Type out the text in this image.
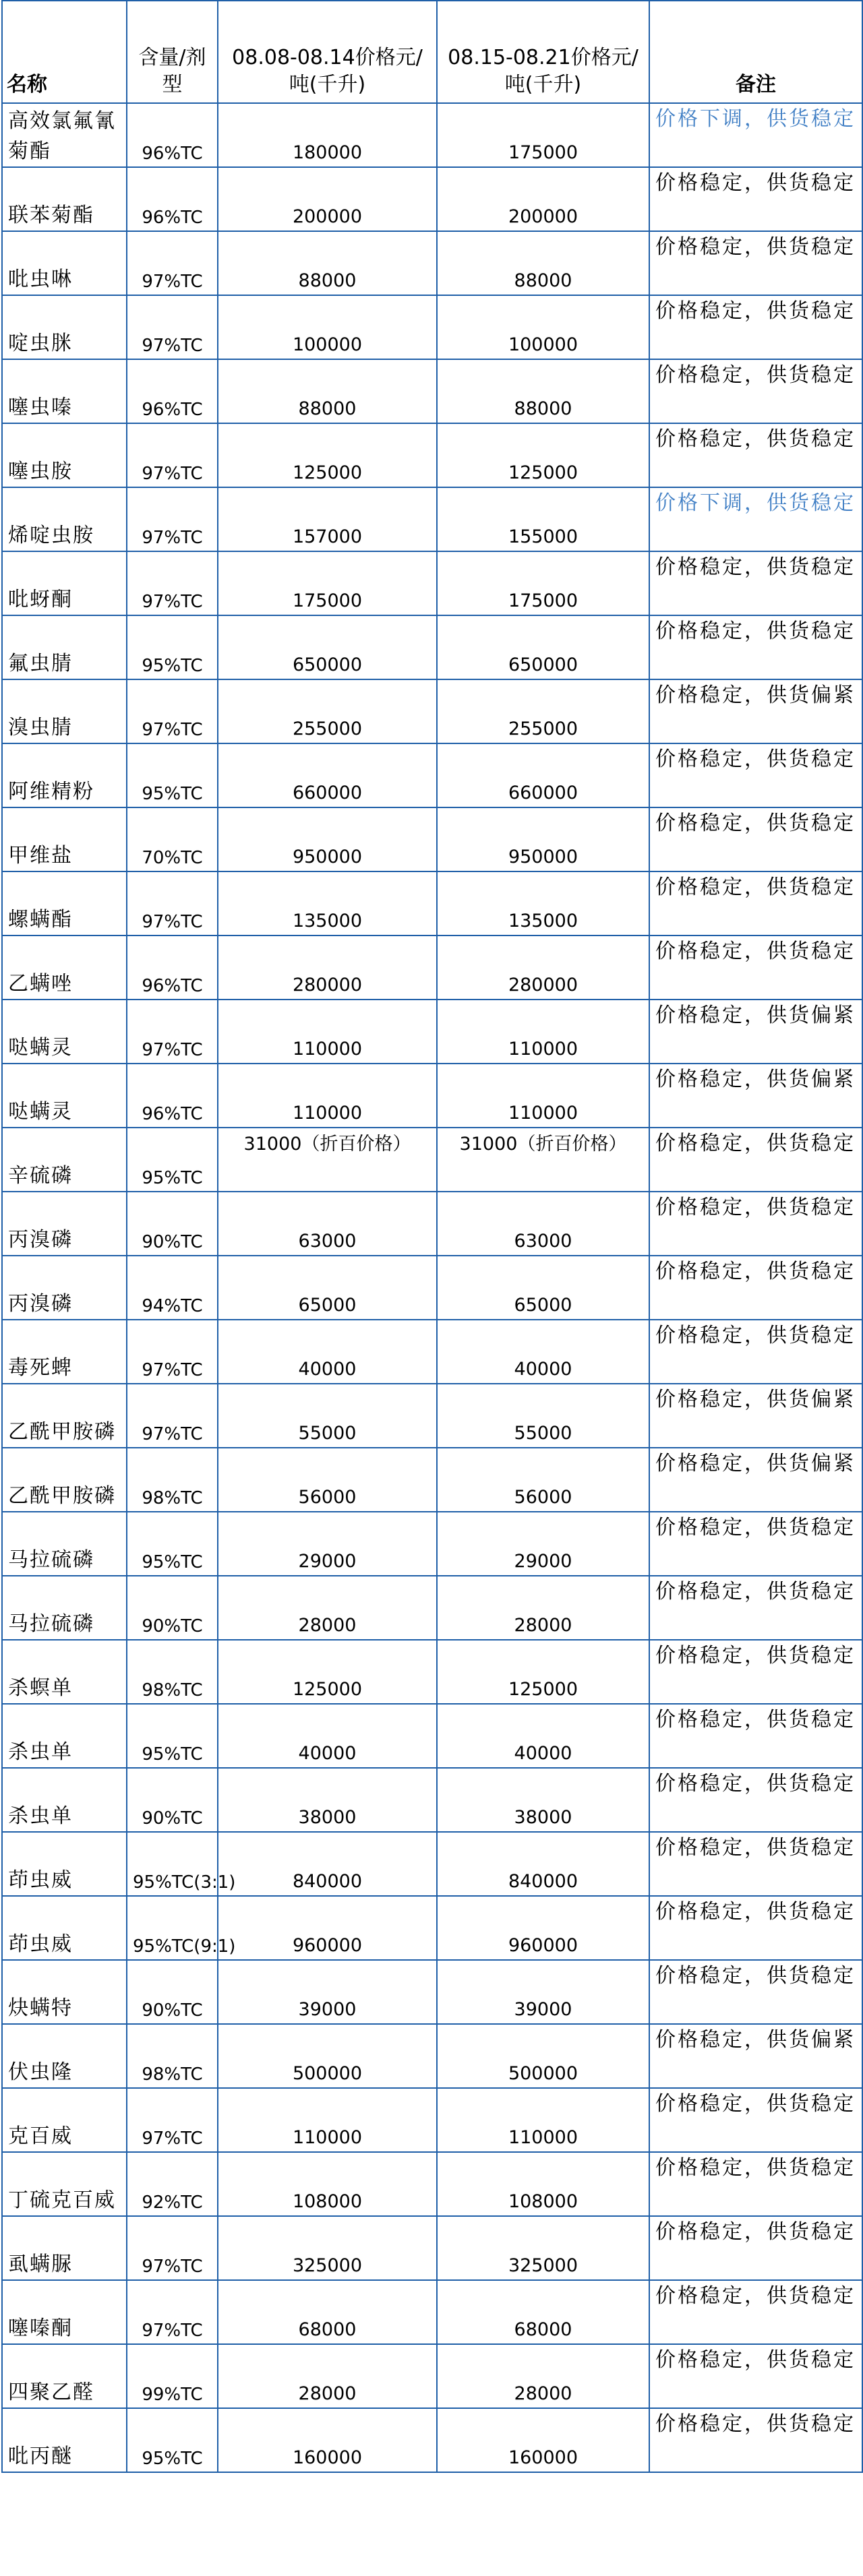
名称	含量/剂型	08.08-08.14价格元/吨(千升)	08.15-08.21价格元/吨(千升)	备注
高效氯氟氰菊酯	96%TC	180000	175000	价格下调，供货稳定
联苯菊酯	96%TC	200000	200000	价格稳定，供货稳定
吡虫啉	97%TC	88000	88000	价格稳定，供货稳定
啶虫脒	97%TC	100000	100000	价格稳定，供货稳定
噻虫嗪	96%TC	88000	88000	价格稳定，供货稳定
噻虫胺	97%TC	125000	125000	价格稳定，供货稳定
烯啶虫胺	97%TC	157000	155000	价格下调，供货稳定
吡蚜酮	97%TC	175000	175000	价格稳定，供货稳定
氟虫腈	95%TC	650000	650000	价格稳定，供货稳定
溴虫腈	97%TC	255000	255000	价格稳定，供货偏紧
阿维精粉	95%TC	660000	660000	价格稳定，供货稳定
甲维盐	70%TC	950000	950000	价格稳定，供货稳定
螺螨酯	97%TC	135000	135000	价格稳定，供货稳定
乙螨唑	96%TC	280000	280000	价格稳定，供货稳定
哒螨灵	97%TC	110000	110000	价格稳定，供货偏紧
哒螨灵	96%TC	110000	110000	价格稳定，供货偏紧
辛硫磷	95%TC	31000（折百价格）	31000（折百价格）	价格稳定，供货稳定
丙溴磷	90%TC	63000	63000	价格稳定，供货稳定
丙溴磷	94%TC	65000	65000	价格稳定，供货稳定
毒死蜱	97%TC	40000	40000	价格稳定，供货稳定
乙酰甲胺磷	97%TC	55000	55000	价格稳定，供货偏紧
乙酰甲胺磷	98%TC	56000	56000	价格稳定，供货偏紧
马拉硫磷	95%TC	29000	29000	价格稳定，供货稳定
马拉硫磷	90%TC	28000	28000	价格稳定，供货稳定
杀螟单	98%TC	125000	125000	价格稳定，供货稳定
杀虫单	95%TC	40000	40000	价格稳定，供货稳定
杀虫单	90%TC	38000	38000	价格稳定，供货稳定
茚虫威	95%TC(3:1)	840000	840000	价格稳定，供货稳定
茚虫威	95%TC(9:1)	960000	960000	价格稳定，供货稳定
炔螨特	90%TC	39000	39000	价格稳定，供货稳定
伏虫隆	98%TC	500000	500000	价格稳定，供货偏紧
克百威	97%TC	110000	110000	价格稳定，供货稳定
丁硫克百威	92%TC	108000	108000	价格稳定，供货稳定
虱螨脲	97%TC	325000	325000	价格稳定，供货稳定
噻嗪酮	97%TC	68000	68000	价格稳定，供货稳定
四聚乙醛	99%TC	28000	28000	价格稳定，供货稳定
吡丙醚	95%TC	160000	160000	价格稳定，供货稳定
